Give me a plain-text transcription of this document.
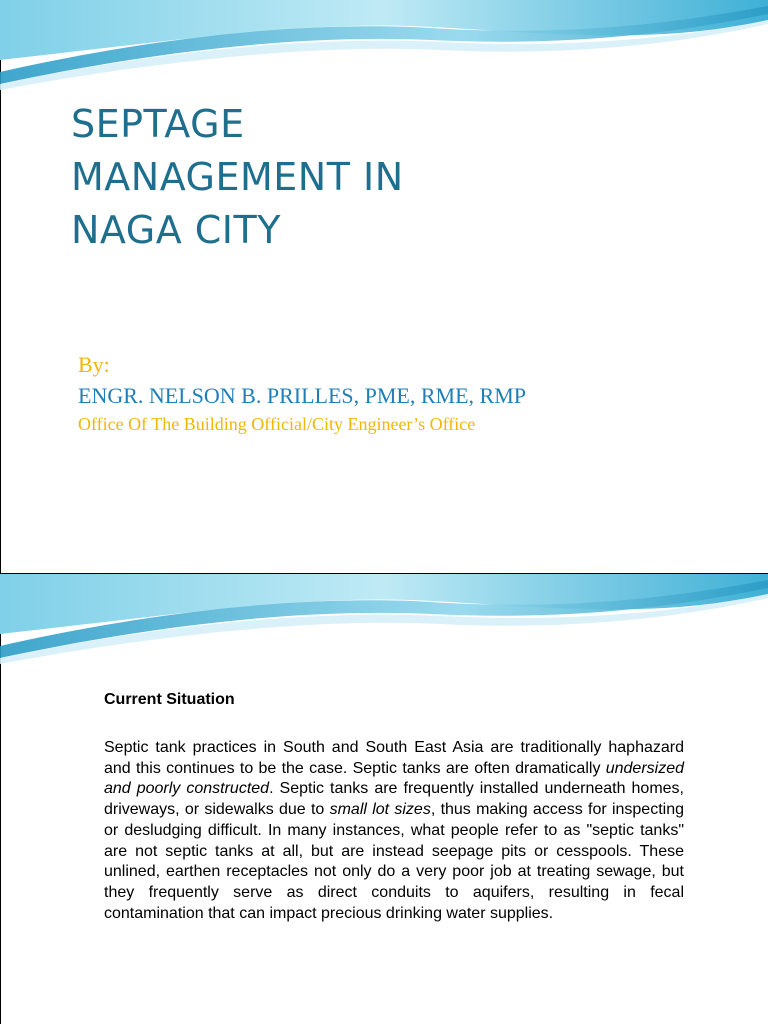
SEPTAGE
MANAGEMENT IN
NAGA CITY
By:
ENGR. NELSON B. PRILLES, PME, RME, RMP
Office Of The Building Official/City Engineer’s Office
Current Situation

Septic tank practices in South and South East Asia are traditionally haphazard and this continues to be the case. Septic tanks are often dramatically undersized and poorly constructed. Septic tanks are frequently installed underneath homes, driveways, or sidewalks due to small lot sizes, thus making access for inspecting or desludging difficult. In many instances, what people refer to as "septic tanks" are not septic tanks at all, but are instead seepage pits or cesspools. These unlined, earthen receptacles not only do a very poor job at treating sewage, but they frequently serve as direct conduits to aquifers, resulting in fecal contamination that can impact precious drinking water supplies.
